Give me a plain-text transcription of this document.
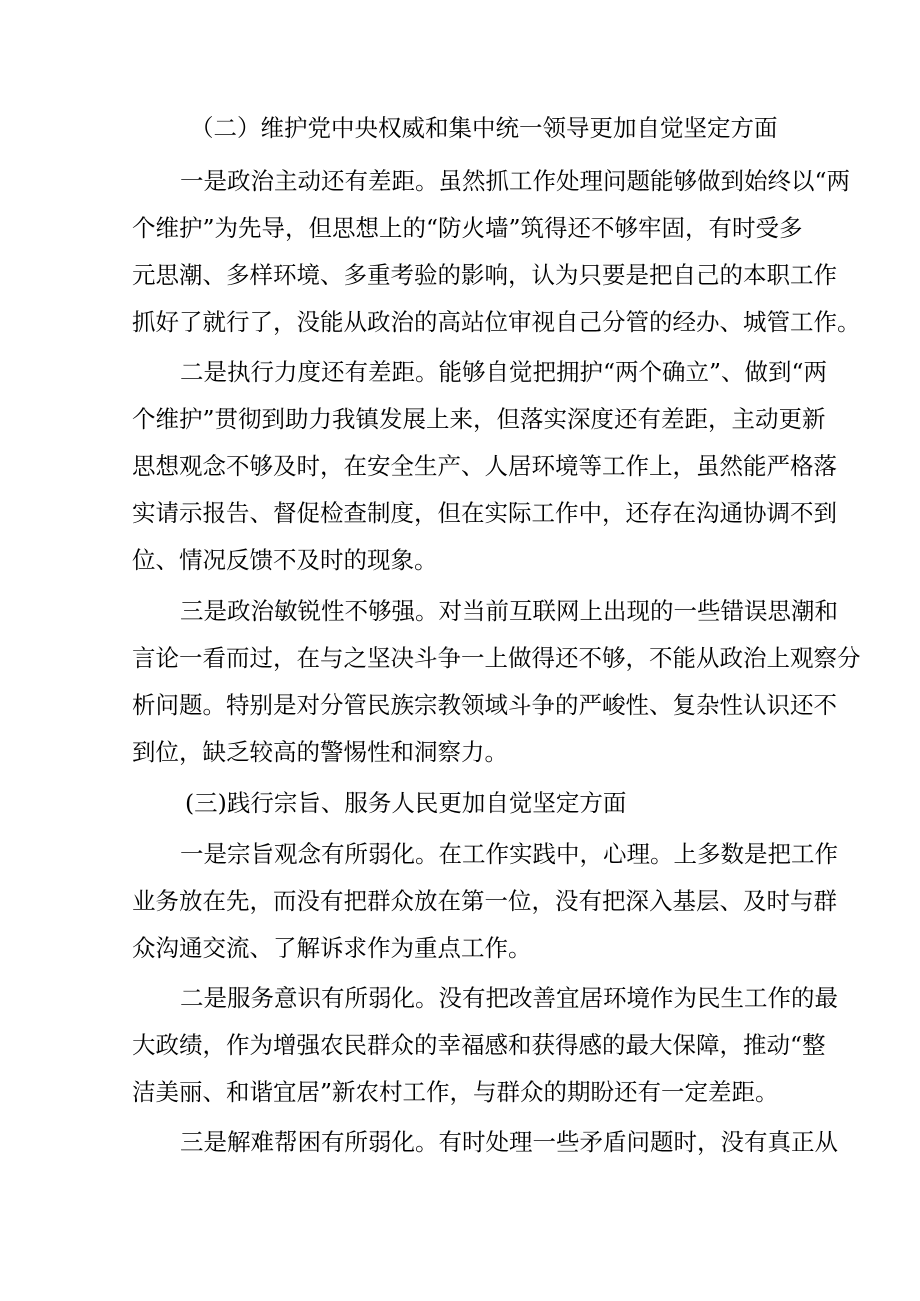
（二）维护党中央权威和集中统一领导更加自觉坚定方面
一是政治主动还有差距。虽然抓工作处理问题能够做到始终以“两
个维护”为先导，但思想上的“防火墙”筑得还不够牢固，有时受多
元思潮、多样环境、多重考验的影响，认为只要是把自己的本职工作
抓好了就行了，没能从政治的高站位审视自己分管的经办、城管工作。
二是执行力度还有差距。能够自觉把拥护“两个确立”、做到“两
个维护”贯彻到助力我镇发展上来，但落实深度还有差距，主动更新
思想观念不够及时，在安全生产、人居环境等工作上，虽然能严格落
实请示报告、督促检查制度，但在实际工作中，还存在沟通协调不到
位、情况反馈不及时的现象。
三是政治敏锐性不够强。对当前互联网上出现的一些错误思潮和
言论一看而过，在与之坚决斗争一上做得还不够，不能从政治上观察分
析问题。特别是对分管民族宗教领域斗争的严峻性、复杂性认识还不
到位，缺乏较高的警惕性和洞察力。
(三)践行宗旨、服务人民更加自觉坚定方面
一是宗旨观念有所弱化。在工作实践中，心理。上多数是把工作
业务放在先，而没有把群众放在第一位，没有把深入基层、及时与群
众沟通交流、了解诉求作为重点工作。
二是服务意识有所弱化。没有把改善宜居环境作为民生工作的最
大政绩，作为增强农民群众的幸福感和获得感的最大保障，推动“整
洁美丽、和谐宜居”新农村工作，与群众的期盼还有一定差距。
三是解难帮困有所弱化。有时处理一些矛盾问题时，没有真正从
